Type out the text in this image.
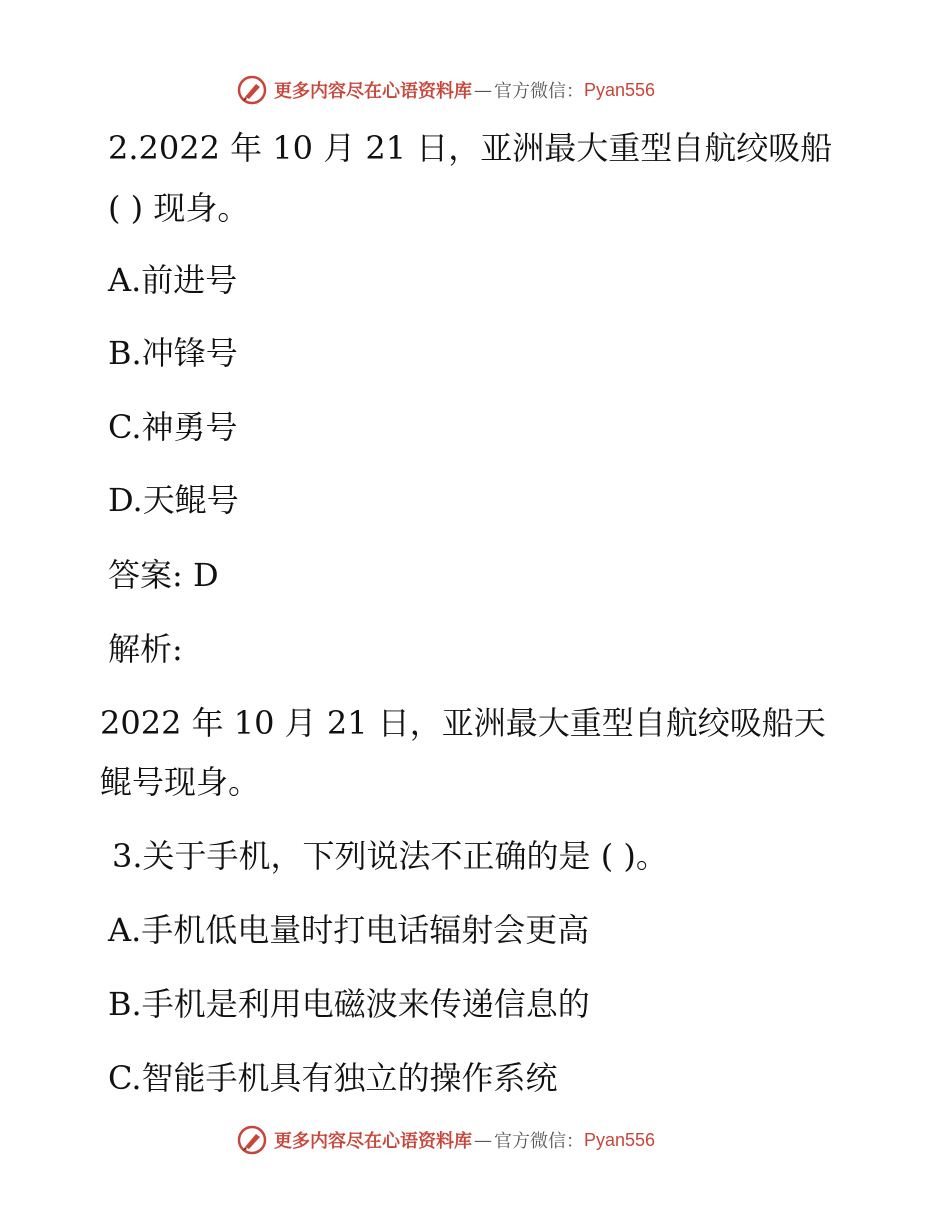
更多内容尽在心语资料库 — 官方微信： Pyan556
2.2022 年 10 月 21 日，亚洲最大重型自航绞吸船
( ) 现身。
A.前进号
B.冲锋号
C.神勇号
D.天鲲号
答案: D
解析:
2022 年 10 月 21 日，亚洲最大重型自航绞吸船天
鲲号现身。
3.关于手机，下列说法不正确的是 ( )。
A.手机低电量时打电话辐射会更高
B.手机是利用电磁波来传递信息的
C.智能手机具有独立的操作系统
更多内容尽在心语资料库 — 官方微信： Pyan556
